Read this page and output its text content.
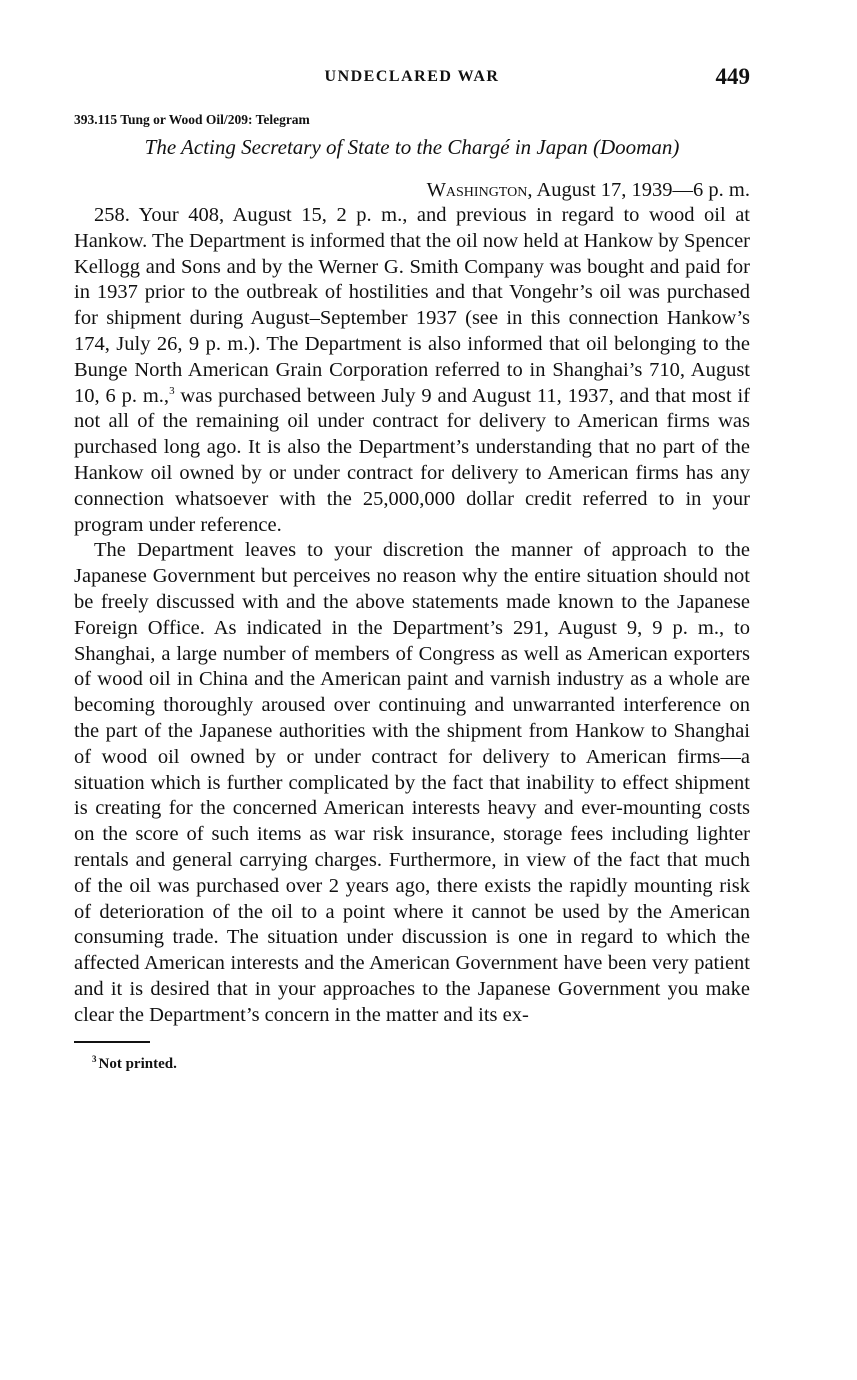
UNDECLARED WAR	449
393.115 Tung or Wood Oil/209: Telegram
The Acting Secretary of State to the Chargé in Japan (Dooman)
Washington, August 17, 1939—6 p. m.

258. Your 408, August 15, 2 p. m., and previous in regard to wood oil at Hankow. The Department is informed that the oil now held at Hankow by Spencer Kellogg and Sons and by the Werner G. Smith Company was bought and paid for in 1937 prior to the outbreak of hostilities and that Vongehr’s oil was purchased for shipment during August–September 1937 (see in this connection Hankow’s 174, July 26, 9 p. m.). The Department is also informed that oil belonging to the Bunge North American Grain Corporation referred to in Shanghai’s 710, August 10, 6 p. m.,$^3$ was purchased between July 9 and August 11, 1937, and that most if not all of the remaining oil under contract for delivery to American firms was purchased long ago. It is also the Department’s understanding that no part of the Hankow oil owned by or under contract for delivery to American firms has any connection whatsoever with the 25,000,000 dollar credit referred to in your program under reference.

The Department leaves to your discretion the manner of approach to the Japanese Government but perceives no reason why the entire situation should not be freely discussed with and the above statements made known to the Japanese Foreign Office. As indicated in the Department’s 291, August 9, 9 p. m., to Shanghai, a large number of members of Congress as well as American exporters of wood oil in China and the American paint and varnish industry as a whole are becoming thoroughly aroused over continuing and unwarranted interference on the part of the Japanese authorities with the shipment from Hankow to Shanghai of wood oil owned by or under contract for delivery to American firms—a situation which is further complicated by the fact that inability to effect shipment is creating for the concerned American interests heavy and ever-mounting costs on the score of such items as war risk insurance, storage fees including lighter rentals and general carrying charges. Furthermore, in view of the fact that much of the oil was purchased over 2 years ago, there exists the rapidly mounting risk of deterioration of the oil to a point where it cannot be used by the American consuming trade. The situation under discussion is one in regard to which the affected American interests and the American Government have been very patient and it is desired that in your approaches to the Japanese Government you make clear the Department’s concern in the matter and its ex-

$^3$ Not printed.
